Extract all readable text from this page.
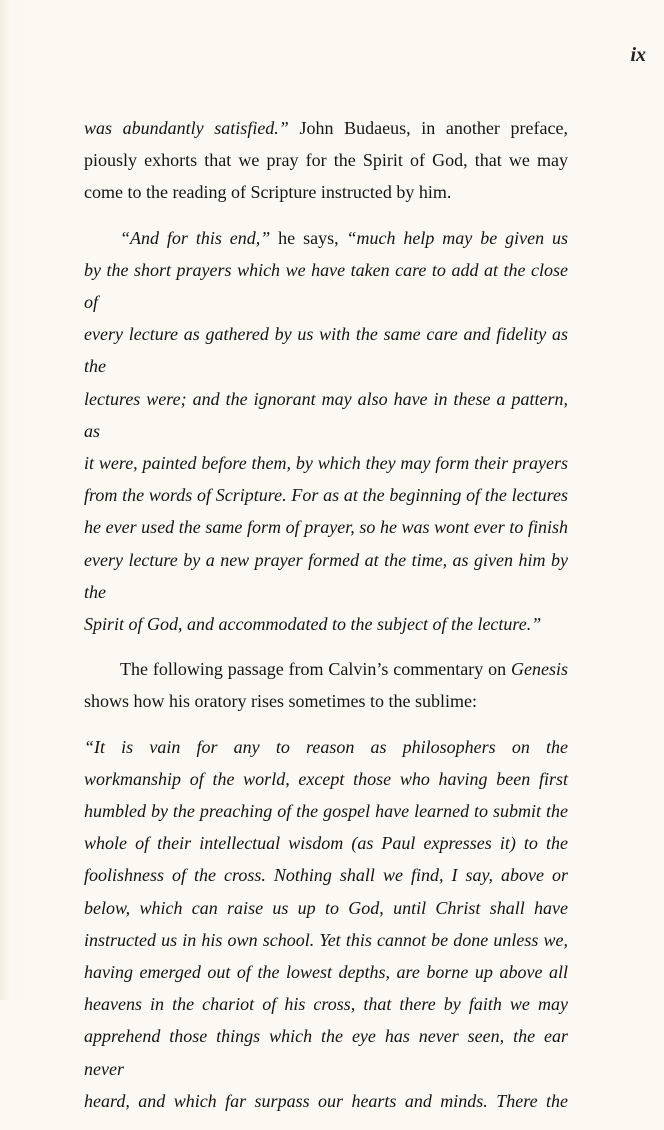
ix
was abundantly satisfied.” John Budaeus, in another preface,
piously exhorts that we pray for the Spirit of God, that we may
come to the reading of Scripture instructed by him.
“And for this end,” he says, “much help may be given us
by the short prayers which we have taken care to add at the close of
every lecture as gathered by us with the same care and fidelity as the
lectures were; and the ignorant may also have in these a pattern, as
it were, painted before them, by which they may form their prayers
from the words of Scripture. For as at the beginning of the lectures
he ever used the same form of prayer, so he was wont ever to finish
every lecture by a new prayer formed at the time, as given him by the
Spirit of God, and accommodated to the subject of the lecture.”
The following passage from Calvin’s commentary on Genesis
shows how his oratory rises sometimes to the sublime:
“It is vain for any to reason as philosophers on the
workmanship of the world, except those who having been first
humbled by the preaching of the gospel have learned to submit the
whole of their intellectual wisdom (as Paul expresses it) to the
foolishness of the cross. Nothing shall we find, I say, above or
below, which can raise us up to God, until Christ shall have
instructed us in his own school. Yet this cannot be done unless we,
having emerged out of the lowest depths, are borne up above all
heavens in the chariot of his cross, that there by faith we may
apprehend those things which the eye has never seen, the ear never
heard, and which far surpass our hearts and minds. There the
